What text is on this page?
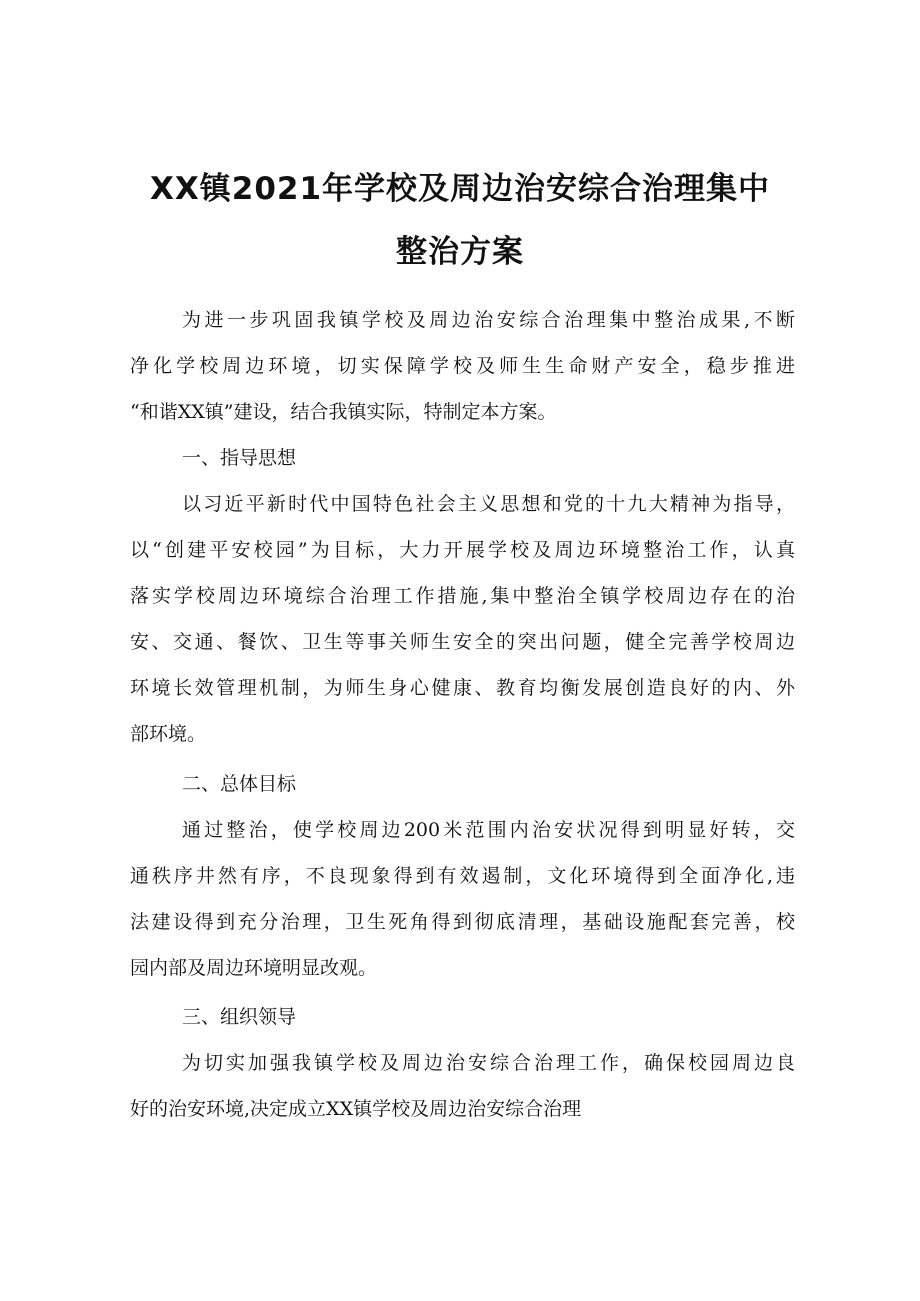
XX镇2021年学校及周边治安综合治理集中
整治方案
为进一步巩固我镇学校及周边治安综合治理集中整治成果,不断
净化学校周边环境，切实保障学校及师生生命财产安全，稳步推进
“和谐XX镇”建设，结合我镇实际，特制定本方案。
一、指导思想
以习近平新时代中国特色社会主义思想和党的十九大精神为指导，
以“创建平安校园”为目标，大力开展学校及周边环境整治工作，认真
落实学校周边环境综合治理工作措施,集中整治全镇学校周边存在的治
安、交通、餐饮、卫生等事关师生安全的突出问题，健全完善学校周边
环境长效管理机制，为师生身心健康、教育均衡发展创造良好的内、外
部环境。
二、总体目标
通过整治，使学校周边200米范围内治安状况得到明显好转，交
通秩序井然有序，不良现象得到有效遏制，文化环境得到全面净化,违
法建设得到充分治理，卫生死角得到彻底清理，基础设施配套完善，校
园内部及周边环境明显改观。
三、组织领导
为切实加强我镇学校及周边治安综合治理工作，确保校园周边良
好的治安环境,决定成立XX镇学校及周边治安综合治理
